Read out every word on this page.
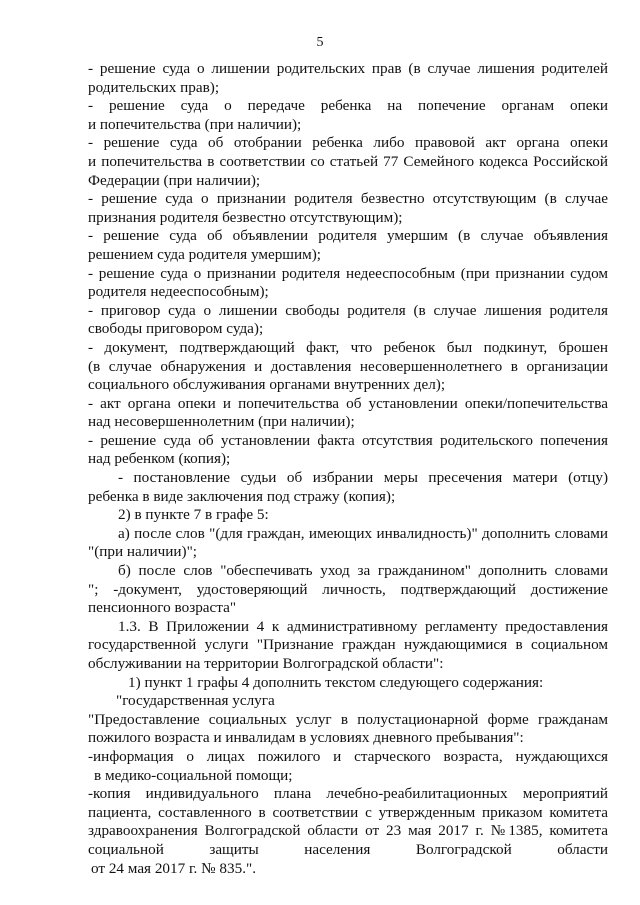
5
- решение суда о лишении родительских прав (в случае лишения родителей
родительских прав);
- решение суда о передаче ребенка на попечение органам опеки
и попечительства (при наличии);
- решение суда об отобрании ребенка либо правовой акт органа опеки
и попечительства в соответствии со статьей 77 Семейного кодекса Российской
Федерации (при наличии);
- решение суда о признании родителя безвестно отсутствующим (в случае
признания родителя безвестно отсутствующим);
- решение суда об объявлении родителя умершим (в случае объявления
решением суда родителя умершим);
- решение суда о признании родителя недееспособным (при признании судом
родителя недееспособным);
- приговор суда о лишении свободы родителя (в случае лишения родителя
свободы приговором суда);
- документ, подтверждающий факт, что ребенок был подкинут, брошен
(в случае обнаружения и доставления несовершеннолетнего в организации
социального обслуживания органами внутренних дел);
- акт органа опеки и попечительства об установлении опеки/попечительства
над несовершеннолетним (при наличии);
- решение суда об установлении факта отсутствия родительского попечения
над ребенком (копия);
- постановление судьи об избрании меры пресечения матери (отцу)
ребенка в виде заключения под стражу (копия);
2) в пункте 7 в графе 5:
а) после слов "(для граждан, имеющих инвалидность)" дополнить словами
"(при наличии)";
б) после слов "обеспечивать уход за гражданином" дополнить словами
"; -документ, удостоверяющий личность, подтверждающий достижение
пенсионного возраста"
1.3. В Приложении 4 к административному регламенту предоставления
государственной услуги "Признание граждан нуждающимися в социальном
обслуживании на территории Волгоградской области":
1) пункт 1 графы 4 дополнить текстом следующего содержания:
"государственная услуга
"Предоставление социальных услуг в полустационарной форме гражданам
пожилого возраста и инвалидам в условиях дневного пребывания":
-информация о лицах пожилого и старческого возраста, нуждающихся
в медико-социальной помощи;
-копия индивидуального плана лечебно-реабилитационных мероприятий
пациента, составленного в соответствии с утвержденным приказом комитета
здравоохранения Волгоградской области от 23 мая 2017 г. №1385, комитета
социальной защиты населения Волгоградской области
от 24 мая 2017 г. № 835.".
